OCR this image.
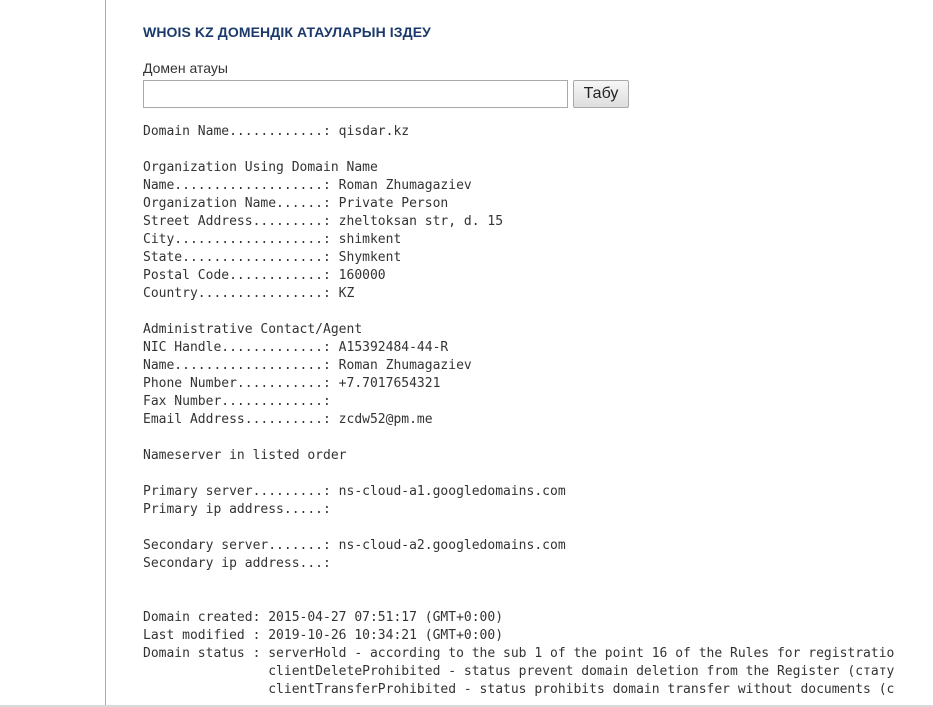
WHOIS KZ ДОМЕНДІК АТАУЛАРЫН ІЗДЕУ
Домен атауы
Табу
Domain Name............: qisdar.kz
Organization Using Domain Name
Name...................: Roman Zhumagaziev
Organization Name......: Private Person
Street Address.........: zheltoksan str, d. 15
City...................: shimkent
State..................: Shymkent
Postal Code............: 160000
Country................: KZ
Administrative Contact/Agent
NIC Handle.............: A15392484-44-R
Name...................: Roman Zhumagaziev
Phone Number...........: +7.7017654321
Fax Number.............:
Email Address..........: zcdw52@pm.me
Nameserver in listed order
Primary server.........: ns-cloud-a1.googledomains.com
Primary ip address.....:
Secondary server.......: ns-cloud-a2.googledomains.com
Secondary ip address...:
Domain created: 2015-04-27 07:51:17 (GMT+0:00)
Last modified : 2019-10-26 10:34:21 (GMT+0:00)
Domain status : serverHold - according to the sub 1 of the point 16 of the Rules for registratio
clientDeleteProhibited - status prevent domain deletion from the Register (стату
clientTransferProhibited - status prohibits domain transfer without documents (c
